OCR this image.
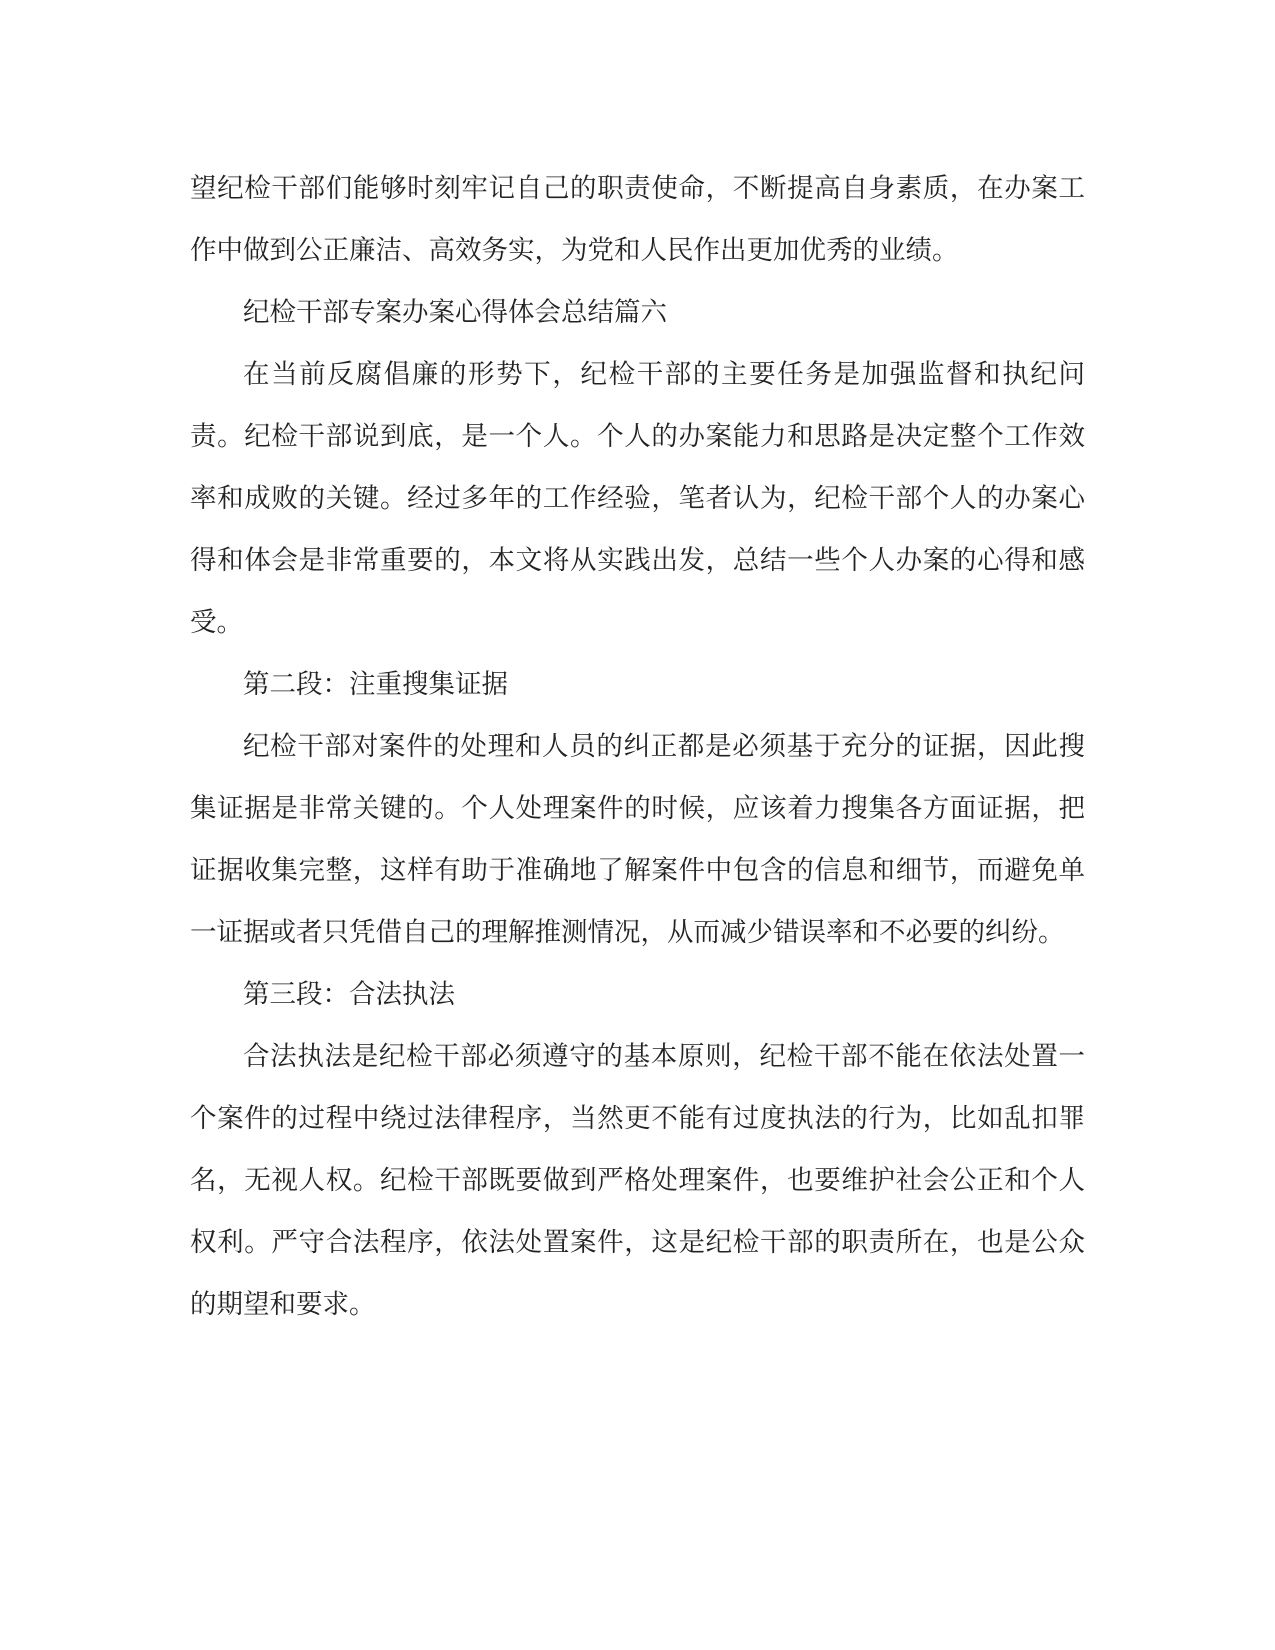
望纪检干部们能够时刻牢记自己的职责使命，不断提高自身素质，在办案工作中做到公正廉洁、高效务实，为党和人民作出更加优秀的业绩。

纪检干部专案办案心得体会总结篇六

在当前反腐倡廉的形势下，纪检干部的主要任务是加强监督和执纪问责。纪检干部说到底，是一个人。个人的办案能力和思路是决定整个工作效率和成败的关键。经过多年的工作经验，笔者认为，纪检干部个人的办案心得和体会是非常重要的，本文将从实践出发，总结一些个人办案的心得和感受。

第二段：注重搜集证据

纪检干部对案件的处理和人员的纠正都是必须基于充分的证据，因此搜集证据是非常关键的。个人处理案件的时候，应该着力搜集各方面证据，把证据收集完整，这样有助于准确地了解案件中包含的信息和细节，而避免单一证据或者只凭借自己的理解推测情况，从而减少错误率和不必要的纠纷。

第三段：合法执法

合法执法是纪检干部必须遵守的基本原则，纪检干部不能在依法处置一个案件的过程中绕过法律程序，当然更不能有过度执法的行为，比如乱扣罪名，无视人权。纪检干部既要做到严格处理案件，也要维护社会公正和个人权利。严守合法程序，依法处置案件，这是纪检干部的职责所在，也是公众的期望和要求。
